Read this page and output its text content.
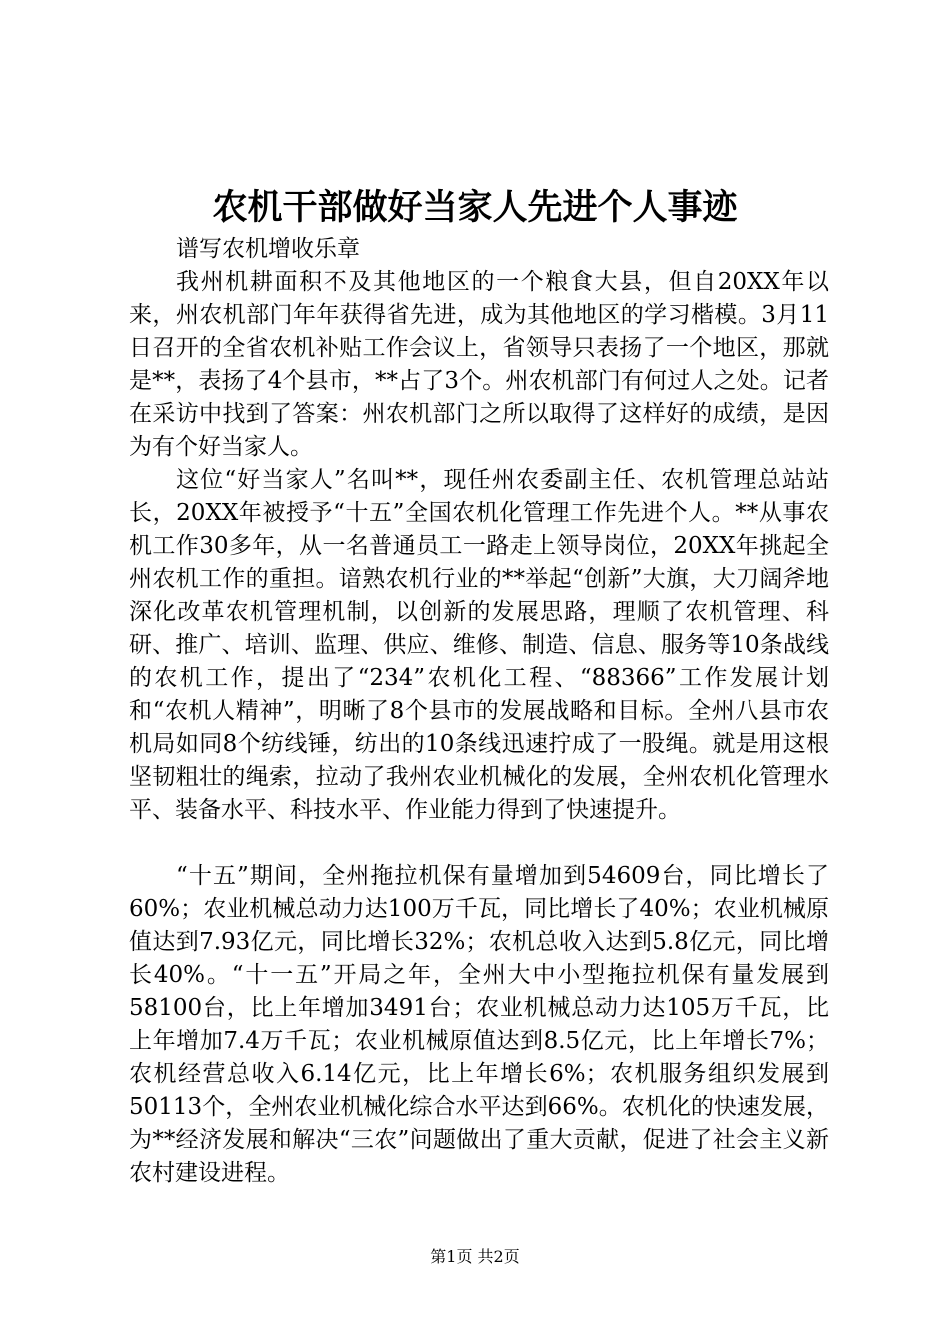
农机干部做好当家人先进个人事迹

谱写农机增收乐章

我州机耕面积不及其他地区的一个粮食大县，但自20XX年以来，州农机部门年年获得省先进，成为其他地区的学习楷模。3月11日召开的全省农机补贴工作会议上，省领导只表扬了一个地区，那就是**，表扬了4个县市，**占了3个。州农机部门有何过人之处。记者在采访中找到了答案：州农机部门之所以取得了这样好的成绩，是因为有个好当家人。

这位“好当家人”名叫**，现任州农委副主任、农机管理总站站长，20XX年被授予“十五”全国农机化管理工作先进个人。**从事农机工作30多年，从一名普通员工一路走上领导岗位，20XX年挑起全州农机工作的重担。谙熟农机行业的**举起“创新”大旗，大刀阔斧地深化改革农机管理机制，以创新的发展思路，理顺了农机管理、科研、推广、培训、监理、供应、维修、制造、信息、服务等10条战线的农机工作，提出了“234”农机化工程、“88366”工作发展计划和“农机人精神”，明晰了8个县市的发展战略和目标。全州八县市农机局如同8个纺线锤，纺出的10条线迅速拧成了一股绳。就是用这根坚韧粗壮的绳索，拉动了我州农业机械化的发展，全州农机化管理水平、装备水平、科技水平、作业能力得到了快速提升。

“十五”期间，全州拖拉机保有量增加到54609台，同比增长了60%；农业机械总动力达100万千瓦，同比增长了40%；农业机械原值达到7.93亿元，同比增长32%；农机总收入达到5.8亿元，同比增长40%。“十一五”开局之年，全州大中小型拖拉机保有量发展到58100台，比上年增加3491台；农业机械总动力达105万千瓦，比上年增加7.4万千瓦；农业机械原值达到8.5亿元，比上年增长7%；农机经营总收入6.14亿元，比上年增长6%；农机服务组织发展到50113个，全州农业机械化综合水平达到66%。农机化的快速发展，为**经济发展和解决“三农”问题做出了重大贡献，促进了社会主义新农村建设进程。

第1页 共2页
